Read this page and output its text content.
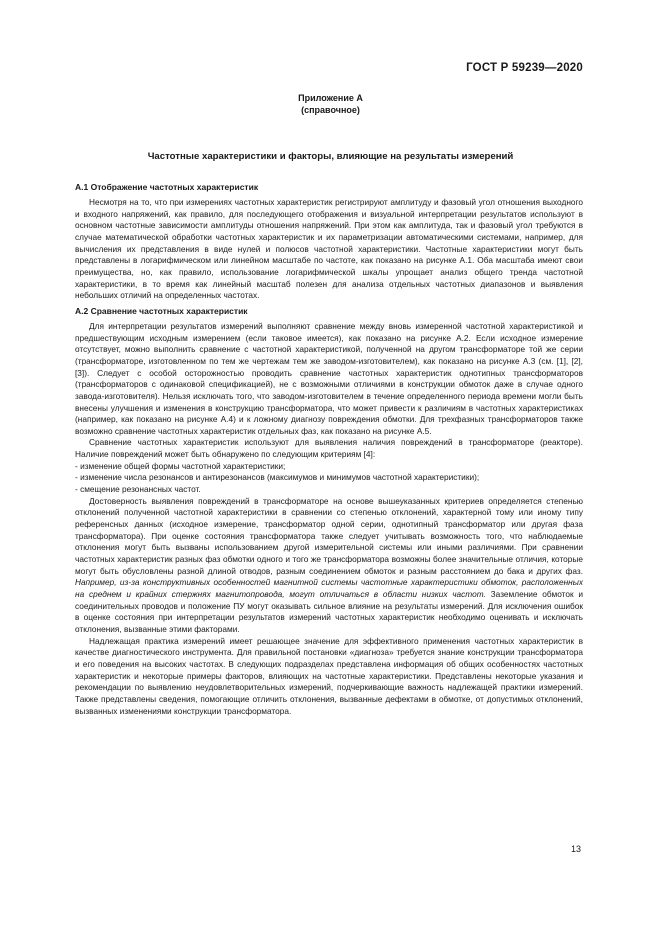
ГОСТ Р 59239—2020
Приложение А
(справочное)
Частотные характеристики и факторы, влияющие на результаты измерений
А.1 Отображение частотных характеристик

Несмотря на то, что при измерениях частотных характеристик регистрируют амплитуду и фазовый угол отношения выходного и входного напряжений, как правило, для последующего отображения и визуальной интерпретации результатов используют в основном частотные зависимости амплитуды отношения напряжений. При этом как амплитуда, так и фазовый угол требуются в случае математической обработки частотных характеристик и их параметризации автоматическими системами, например, для вычисления их представления в виде нулей и полюсов частотной характеристики. Частотные характеристики могут быть представлены в логарифмическом или линейном масштабе по частоте, как показано на рисунке А.1. Оба масштаба имеют свои преимущества, но, как правило, использование логарифмической шкалы упрощает анализ общего тренда частотной характеристики, в то время как линейный масштаб полезен для анализа отдельных частотных диапазонов и выявления небольших отличий на определенных частотах.

А.2 Сравнение частотных характеристик

Для интерпретации результатов измерений выполняют сравнение между вновь измеренной частотной характеристикой и предшествующим исходным измерением (если таковое имеется), как показано на рисунке А.2. Если исходное измерение отсутствует, можно выполнить сравнение с частотной характеристикой, полученной на другом трансформаторе той же серии (трансформаторе, изготовленном по тем же чертежам тем же заводом-изготовителем), как показано на рисунке А.3 (см. [1], [2], [3]). Следует с особой осторожностью проводить сравнение частотных характеристик однотипных трансформаторов (трансформаторов с одинаковой спецификацией), не с возможными отличиями в конструкции обмоток даже в случае одного завода-изготовителя). Нельзя исключать того, что заводом-изготовителем в течение определенного периода времени могли быть внесены улучшения и изменения в конструкцию трансформатора, что может привести к различиям в частотных характеристиках (например, как показано на рисунке А.4) и к ложному диагнозу повреждения обмотки. Для трехфазных трансформаторов также возможно сравнение частотных характеристик отдельных фаз, как показано на рисунке А.5.

Сравнение частотных характеристик используют для выявления наличия повреждений в трансформаторе (реакторе). Наличие повреждений может быть обнаружено по следующим критериям [4]:

- изменение общей формы частотной характеристики;
- изменение числа резонансов и антирезонансов (максимумов и минимумов частотной характеристики);
- смещение резонансных частот.

Достоверность выявления повреждений в трансформаторе на основе вышеуказанных критериев определяется степенью отклонений полученной частотной характеристики в сравнении со степенью отклонений, характерной тому или иному типу референсных данных (исходное измерение, трансформатор одной серии, однотипный трансформатор или другая фаза трансформатора). При оценке состояния трансформатора также следует учитывать возможность того, что наблюдаемые отклонения могут быть вызваны использованием другой измерительной системы или иными различиями. При сравнении частотных характеристик разных фаз обмотки одного и того же трансформатора возможны более значительные отличия, которые могут быть обусловлены разной длиной отводов, разным соединением обмоток и разным расстоянием до бака и других фаз. Например, из-за конструктивных особенностей магнитной системы частотные характеристики обмоток, расположенных на среднем и крайних стержнях магнитопровода, могут отличаться в области низких частот. Заземление обмоток и соединительных проводов и положение ПУ могут оказывать сильное влияние на результаты измерений. Для исключения ошибок в оценке состояния при интерпретации результатов измерений частотных характеристик необходимо оценивать и исключать отклонения, вызванные этими факторами.

Надлежащая практика измерений имеет решающее значение для эффективного применения частотных характеристик в качестве диагностического инструмента. Для правильной постановки «диагноза» требуется знание конструкции трансформатора и его поведения на высоких частотах. В следующих подразделах представлена информация об общих особенностях частотных характеристик и некоторые примеры факторов, влияющих на частотные характеристики. Представлены некоторые указания и рекомендации по выявлению неудовлетворительных измерений, подчеркивающие важность надлежащей практики измерений. Также представлены сведения, помогающие отличить отклонения, вызванные дефектами в обмотке, от допустимых отклонений, вызванных изменениями конструкции трансформатора.

13
